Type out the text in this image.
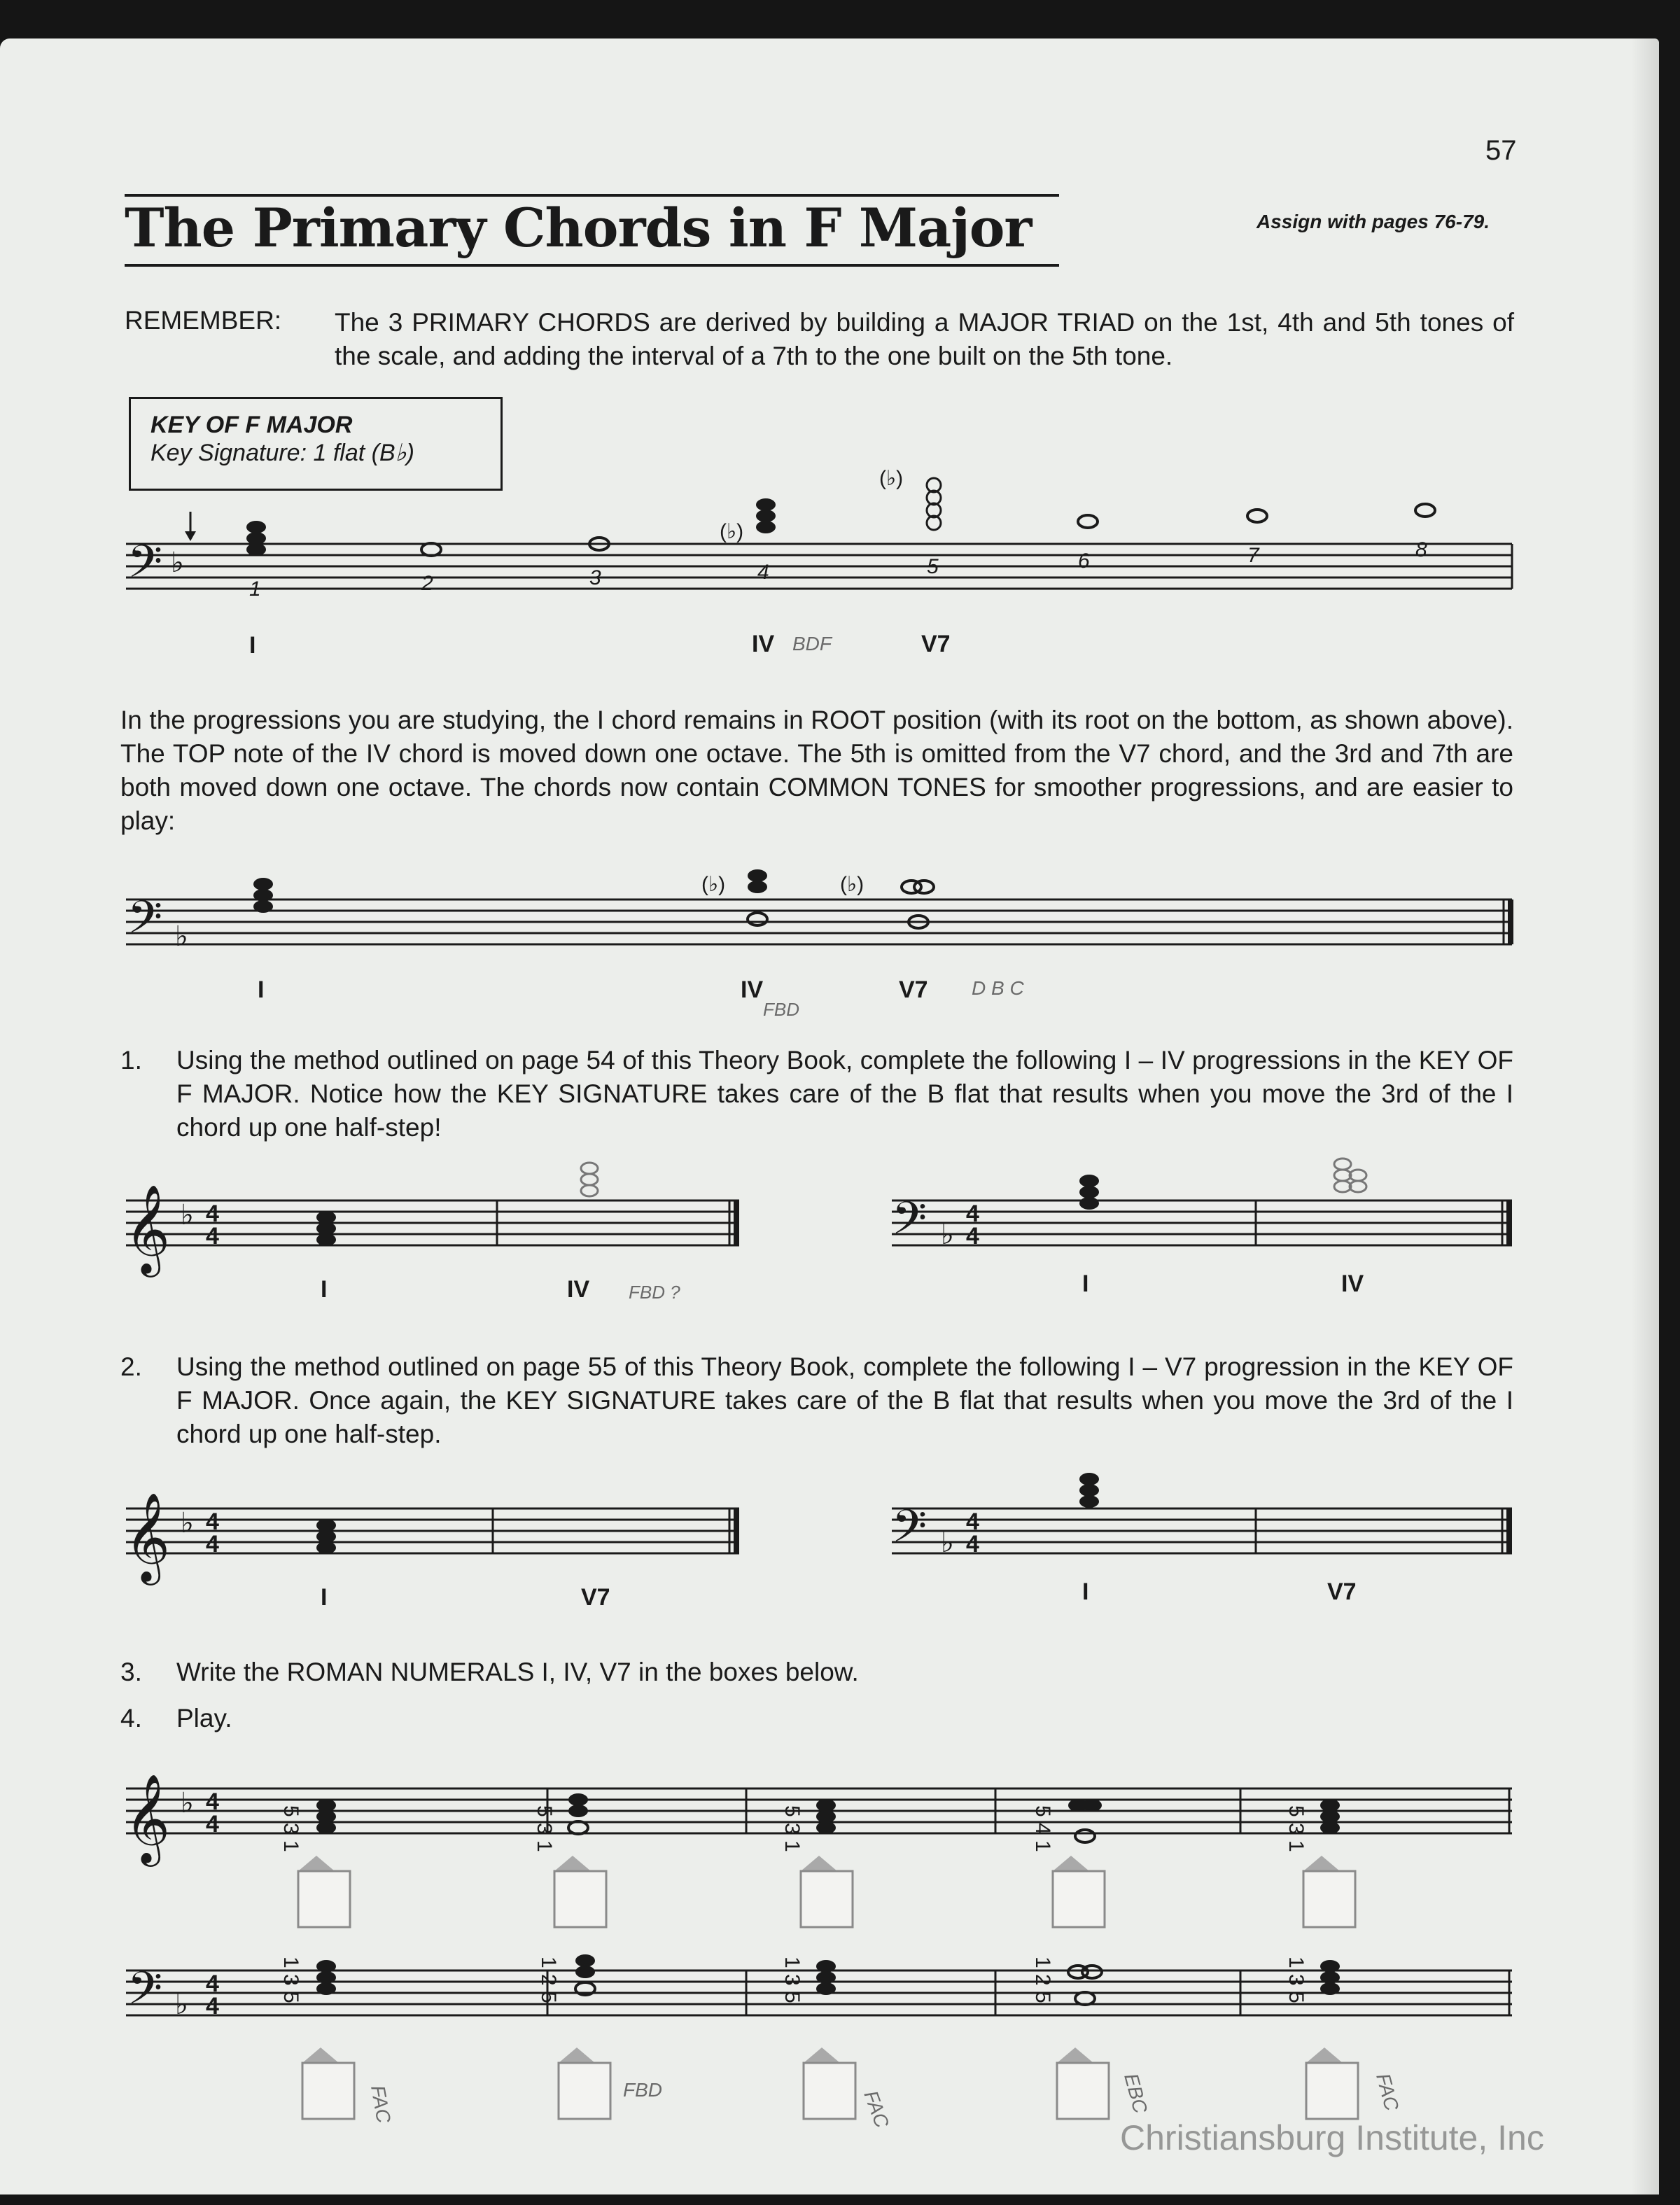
57
The Primary Chords in F Major	Assign with pages 76-79.
REMEMBER: The 3 PRIMARY CHORDS are derived by building a MAJOR TRIAD on the 1st, 4th and 5th tones of the scale, and adding the interval of a 7th to the one built on the 5th tone.
KEY OF F MAJOR
Key Signature: 1 flat (B♭)
𝄢 ♭
(♭)
(♭)
1	2	3	4	5	6	7	8
I	IV	V7
BDF
In the progressions you are studying, the I chord remains in ROOT position (with its root on the bottom, as shown above). The TOP note of the IV chord is moved down one octave. The 5th is omitted from the V7 chord, and the 3rd and 7th are both moved down one octave. The chords now contain COMMON TONES for smoother progressions, and are easier to play:
𝄢 ♭
(♭)	(♭)
I	IV	V7 D B C
FBD
1. Using the method outlined on page 54 of this Theory Book, complete the following I – IV progressions in the KEY OF F MAJOR. Notice how the KEY SIGNATURE takes care of the B flat that results when you move the 3rd of the I chord up one half-step!
𝄞 ♭ 4
4
I	IV FBD ?
𝄢 ♭
4
4
I	IV
2. Using the method outlined on page 55 of this Theory Book, complete the following I – V7 progression in the KEY OF F MAJOR. Once again, the KEY SIGNATURE takes care of the B flat that results when you move the 3rd of the I chord up one half-step.
𝄞 ♭ 4
4
I	V7
𝄢 ♭
4
4
I	V7
3. Write the ROMAN NUMERALS I, IV, V7 in the boxes below.
4. Play.
𝄞 ♭ 4
4	5 3 1	5 3 1	5 3 1	5 4 1	5 3 1
𝄢 ♭
4
4
1 3 5	1 2 5	1 3 5	1 2 5	1 3 5
FAC	FBD	FAC	EBC	FAC
Christiansburg Institute, Inc
